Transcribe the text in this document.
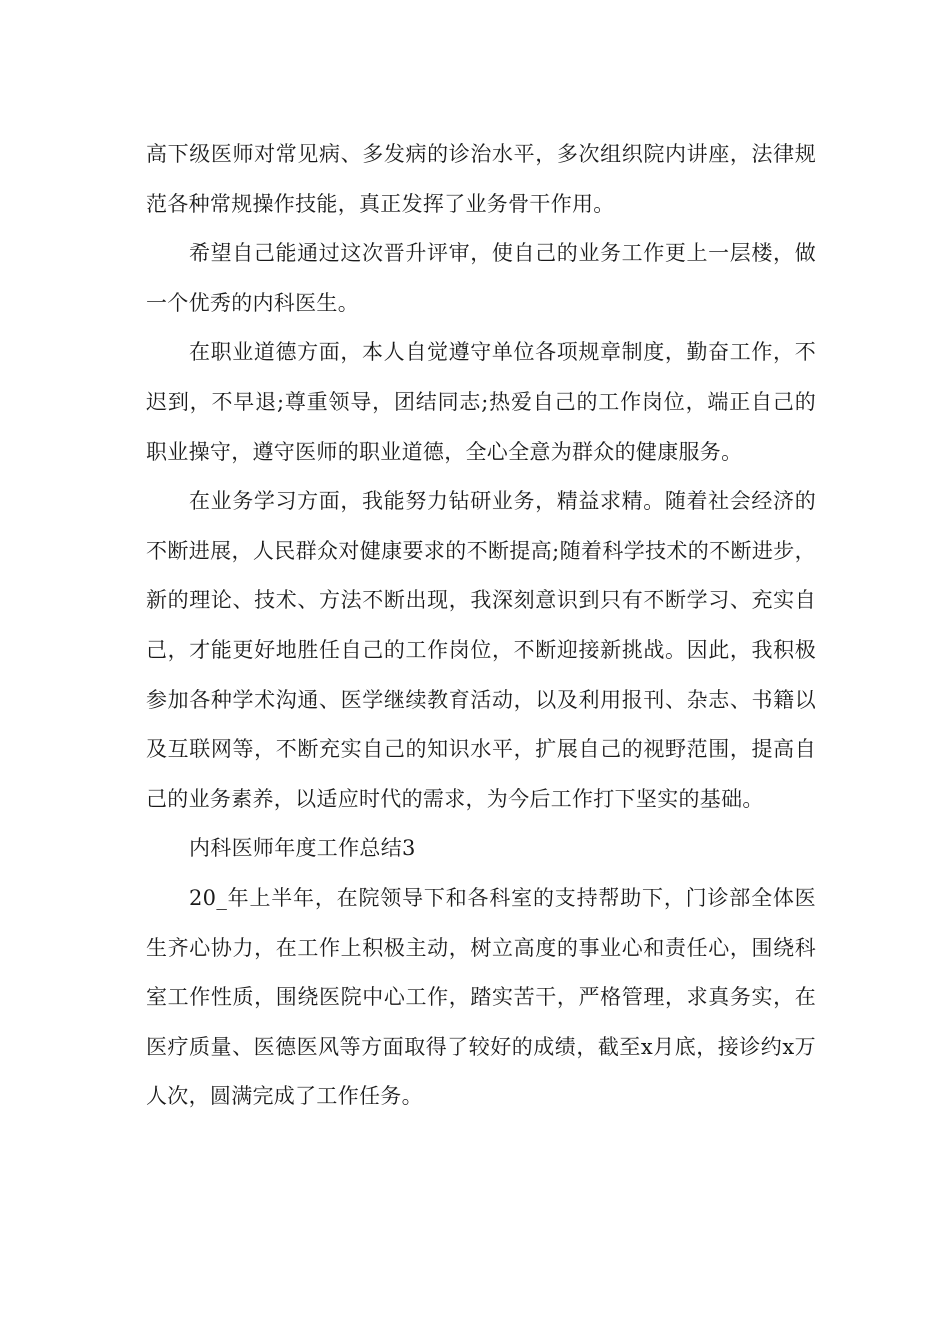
高下级医师对常见病、多发病的诊治水平，多次组织院内讲座，法律规范各种常规操作技能，真正发挥了业务骨干作用。

希望自己能通过这次晋升评审，使自己的业务工作更上一层楼，做一个优秀的内科医生。

在职业道德方面，本人自觉遵守单位各项规章制度，勤奋工作，不迟到，不早退;尊重领导，团结同志;热爱自己的工作岗位，端正自己的职业操守，遵守医师的职业道德，全心全意为群众的健康服务。

在业务学习方面，我能努力钻研业务，精益求精。随着社会经济的不断进展，人民群众对健康要求的不断提高;随着科学技术的不断进步，新的理论、技术、方法不断出现，我深刻意识到只有不断学习、充实自己，才能更好地胜任自己的工作岗位，不断迎接新挑战。因此，我积极参加各种学术沟通、医学继续教育活动，以及利用报刊、杂志、书籍以及互联网等，不断充实自己的知识水平，扩展自己的视野范围，提高自己的业务素养，以适应时代的需求，为今后工作打下坚实的基础。

内科医师年度工作总结3

20_年上半年，在院领导下和各科室的支持帮助下，门诊部全体医生齐心协力，在工作上积极主动，树立高度的事业心和责任心，围绕科室工作性质，围绕医院中心工作，踏实苦干，严格管理，求真务实，在医疗质量、医德医风等方面取得了较好的成绩，截至x月底，接诊约x万人次，圆满完成了工作任务。
